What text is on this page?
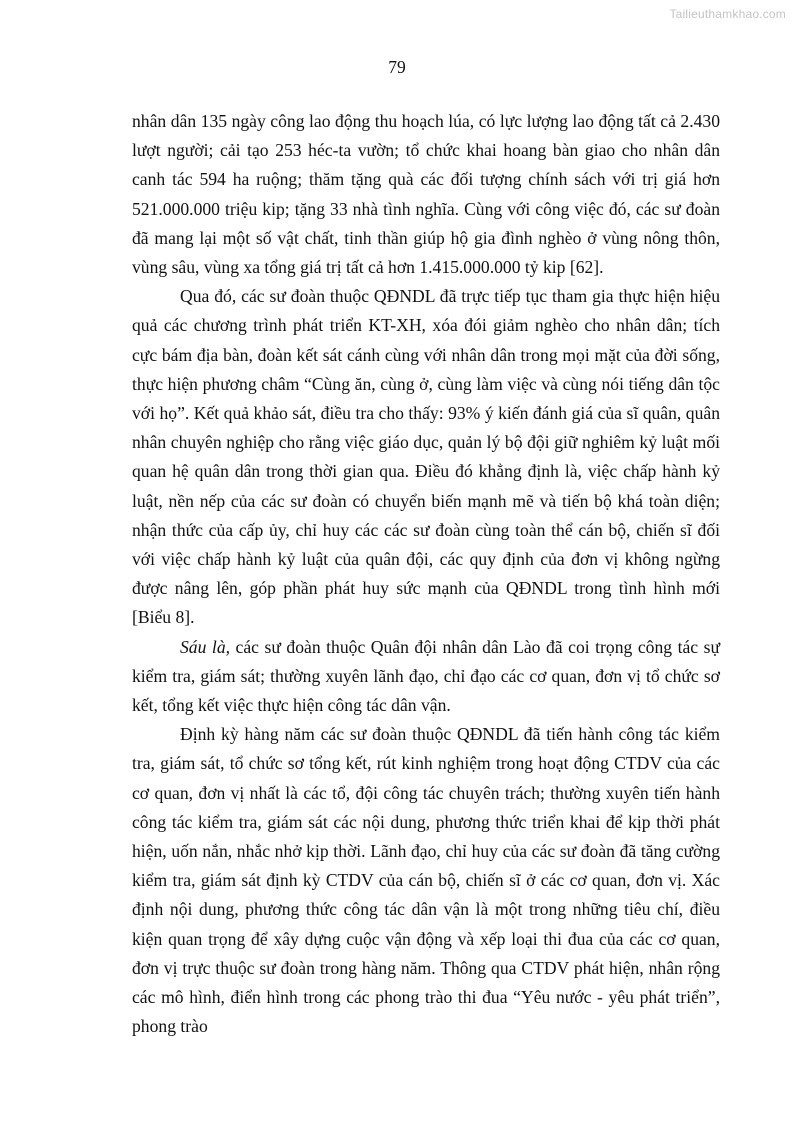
Tailieuthamkhao.com
79

nhân dân 135 ngày công lao động thu hoạch lúa, có lực lượng lao động tất cả 2.430 lượt người; cải tạo 253 héc-ta vườn; tổ chức khai hoang bàn giao cho nhân dân canh tác 594 ha ruộng; thăm tặng quà các đối tượng chính sách với trị giá hơn 521.000.000 triệu kip; tặng 33 nhà tình nghĩa. Cùng với công việc đó, các sư đoàn đã mang lại một số vật chất, tinh thần giúp hộ gia đình nghèo ở vùng nông thôn, vùng sâu, vùng xa tổng giá trị tất cả hơn 1.415.000.000 tỷ kip [62].

Qua đó, các sư đoàn thuộc QĐNDL đã trực tiếp tục tham gia thực hiện hiệu quả các chương trình phát triển KT-XH, xóa đói giảm nghèo cho nhân dân; tích cực bám địa bàn, đoàn kết sát cánh cùng với nhân dân trong mọi mặt của đời sống, thực hiện phương châm “Cùng ăn, cùng ở, cùng làm việc và cùng nói tiếng dân tộc với họ”. Kết quả khảo sát, điều tra cho thấy: 93% ý kiến đánh giá của sĩ quân, quân nhân chuyên nghiệp cho rằng việc giáo dục, quản lý bộ đội giữ nghiêm kỷ luật mối quan hệ quân dân trong thời gian qua. Điều đó khẳng định là, việc chấp hành kỷ luật, nền nếp của các sư đoàn có chuyển biến mạnh mẽ và tiến bộ khá toàn diện; nhận thức của cấp ủy, chỉ huy các các sư đoàn cùng toàn thể cán bộ, chiến sĩ đối với việc chấp hành kỷ luật của quân đội, các quy định của đơn vị không ngừng được nâng lên, góp phần phát huy sức mạnh của QĐNDL trong tình hình mới [Biểu 8].

Sáu là, các sư đoàn thuộc Quân đội nhân dân Lào đã coi trọng công tác sự kiểm tra, giám sát; thường xuyên lãnh đạo, chỉ đạo các cơ quan, đơn vị tổ chức sơ kết, tổng kết việc thực hiện công tác dân vận.

Định kỳ hàng năm các sư đoàn thuộc QĐNDL đã tiến hành công tác kiểm tra, giám sát, tổ chức sơ tổng kết, rút kinh nghiệm trong hoạt động CTDV của các cơ quan, đơn vị nhất là các tổ, đội công tác chuyên trách; thường xuyên tiến hành công tác kiểm tra, giám sát các nội dung, phương thức triển khai để kịp thời phát hiện, uốn nắn, nhắc nhở kịp thời. Lãnh đạo, chỉ huy của các sư đoàn đã tăng cường kiểm tra, giám sát định kỳ CTDV của cán bộ, chiến sĩ ở các cơ quan, đơn vị. Xác định nội dung, phương thức công tác dân vận là một trong những tiêu chí, điều kiện quan trọng để xây dựng cuộc vận động và xếp loại thi đua của các cơ quan, đơn vị trực thuộc sư đoàn trong hàng năm. Thông qua CTDV phát hiện, nhân rộng các mô hình, điển hình trong các phong trào thi đua “Yêu nước - yêu phát triển”, phong trào
